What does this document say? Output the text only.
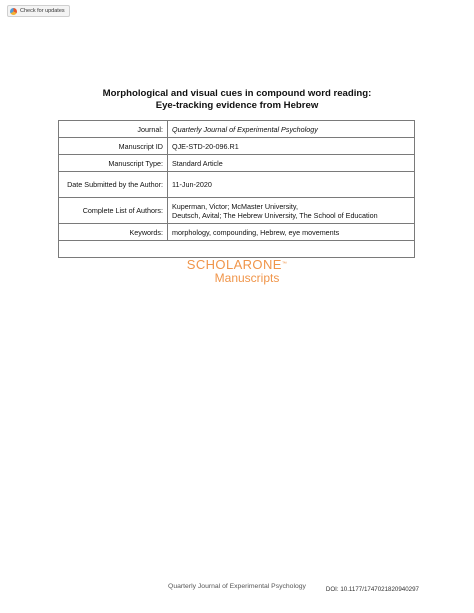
Check for updates
Morphological and visual cues in compound word reading:
Eye-tracking evidence from Hebrew
Journal:	Quarterly Journal of Experimental Psychology
Manuscript ID	QJE-STD-20-096.R1
Manuscript Type:	Standard Article
Date Submitted by the Author:	11-Jun-2020
Complete List of Authors:	Kuperman, Victor; McMaster University,
Deutsch, Avital; The Hebrew University, The School of Education

Keywords:	morphology, compounding, Hebrew, eye movements

SCHOLARONE™
Manuscripts
Quarterly Journal of Experimental Psychology	DOI: 10.1177/1747021820940297
